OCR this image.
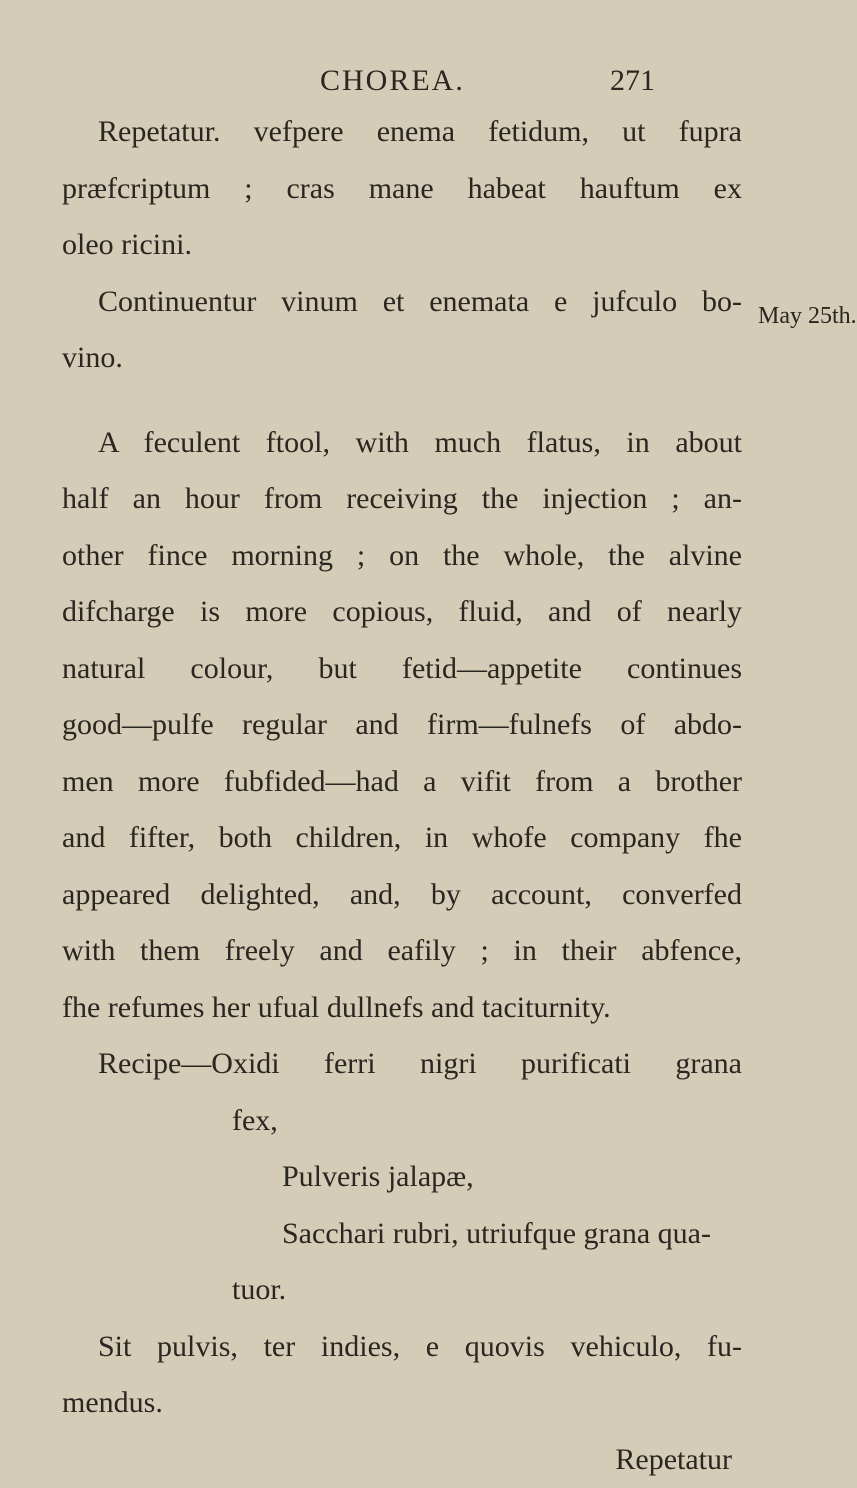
CHOREA.	271
May 25th.
Repetatur. vefpere enema fetidum, ut fupra
præfcriptum ; cras mane habeat hauftum ex
oleo ricini.
Continuentur vinum et enemata e jufculo bo-
vino.
A feculent ftool, with much flatus, in about
half an hour from receiving the injection ; an-
other fince morning ; on the whole, the alvine
difcharge is more copious, fluid, and of nearly
natural colour, but fetid—appetite continues
good—pulfe regular and firm—fulnefs of abdo-
men more fubfided—had a vifit from a brother
and fifter, both children, in whofe company fhe
appeared delighted, and, by account, converfed
with them freely and eafily ; in their abfence,
fhe refumes her ufual dullnefs and taciturnity.
Recipe—Oxidi ferri nigri purificati grana
fex,
Pulveris jalapæ,
Sacchari rubri, utriufque grana qua-
tuor.
Sit pulvis, ter indies, e quovis vehiculo, fu-
mendus.
Repetatur
